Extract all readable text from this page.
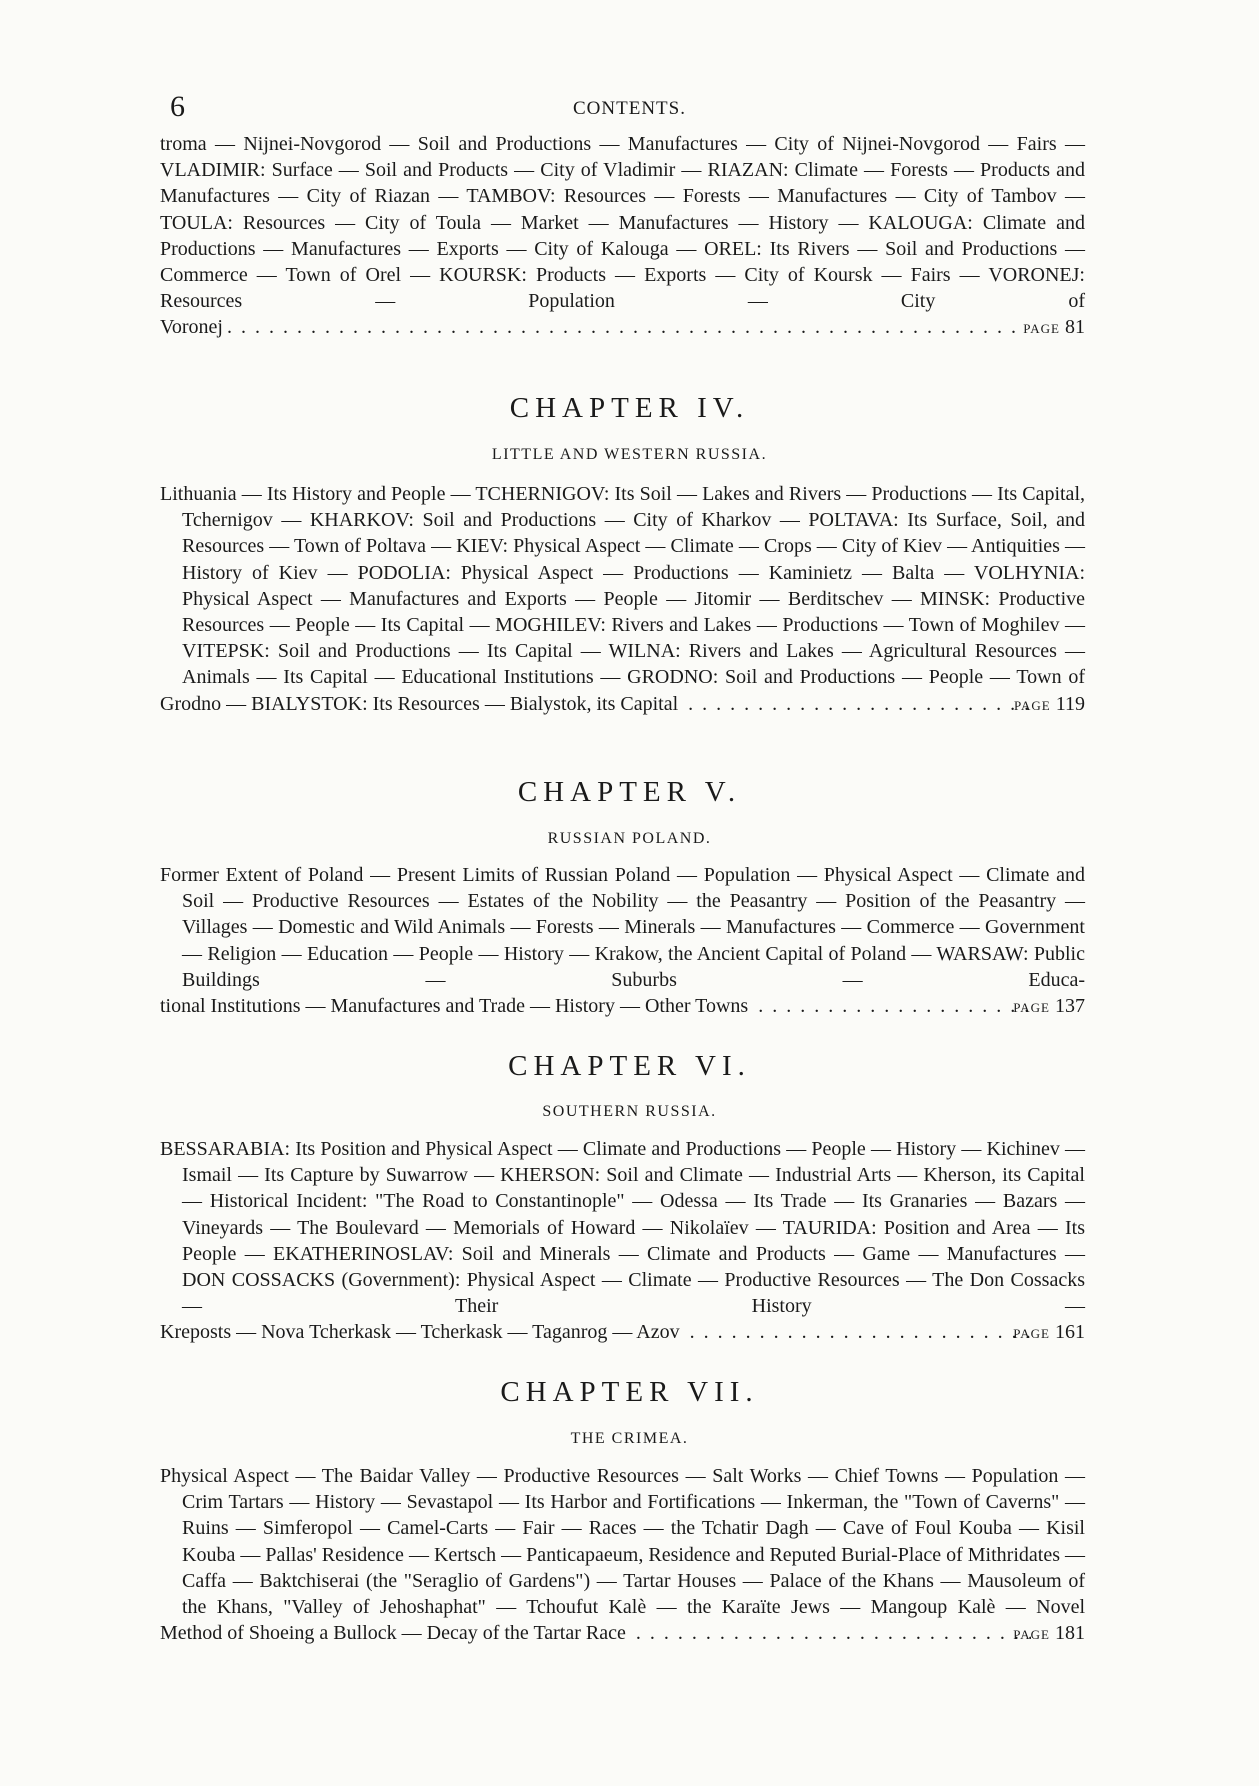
6	CONTENTS.
troma — Nijnei-Novgorod — Soil and Productions — Manufactures — City of Nijnei-Novgorod — Fairs — VLADIMIR: Surface — Soil and Products — City of Vladimir — RIAZAN: Climate — Forests — Products and Manufactures — City of Riazan — TAMBOV: Resources — Forests — Manufactures — City of Tambov — TOULA: Resources — City of Toula — Market — Manufactures — History — KALOUGA: Climate and Productions — Manufactures — Exports — City of Kalouga — OREL: Its Rivers — Soil and Productions — Commerce — Town of Orel — KOURSK: Products — Exports — City of Koursk — Fairs — VORONEJ: Resources — Population — City of
Voronej . . .	PAGE 81
CHAPTER IV.
LITTLE AND WESTERN RUSSIA.
Lithuania — Its History and People — TCHERNIGOV: Its Soil — Lakes and Rivers — Productions — Its Capital, Tchernigov — KHARKOV: Soil and Productions — City of Kharkov — POLTAVA: Its Surface, Soil, and Resources — Town of Poltava — KIEV: Physical Aspect — Climate — Crops — City of Kiev — Antiquities — History of Kiev — PODOLIA: Physical Aspect — Productions — Kaminietz — Balta — VOLHYNIA: Physical Aspect — Manufactures and Exports — People — Jitomir — Berditschev — MINSK: Productive Resources — People — Its Capital — MOGHILEV: Rivers and Lakes — Productions — Town of Moghilev — VITEPSK: Soil and Productions — Its Capital — WILNA: Rivers and Lakes — Agricultural Resources — Animals — Its Capital — Educational Institutions — GRODNO: Soil and Productions — People — Town of
Grodno — BIALYSTOK: Its Resources — Bialystok, its Capital . . .	PAGE 119
CHAPTER V.
RUSSIAN POLAND.
Former Extent of Poland — Present Limits of Russian Poland — Population — Physical Aspect — Climate and Soil — Productive Resources — Estates of the Nobility — the Peasantry — Position of the Peasantry — Villages — Domestic and Wild Animals — Forests — Minerals — Manufactures — Commerce — Government — Religion — Education — People — History — Krakow, the Ancient Capital of Poland — WARSAW: Public Buildings — Suburbs — Educa-
tional Institutions — Manufactures and Trade — History — Other Towns . . .	PAGE 137
CHAPTER VI.
SOUTHERN RUSSIA.
BESSARABIA: Its Position and Physical Aspect — Climate and Productions — People — History — Kichinev — Ismail — Its Capture by Suwarrow — KHERSON: Soil and Climate — Industrial Arts — Kherson, its Capital — Historical Incident: "The Road to Constantinople" — Odessa — Its Trade — Its Granaries — Bazars — Vineyards — The Boulevard — Memorials of Howard — Nikolaïev — TAURIDA: Position and Area — Its People — EKATHERINOSLAV: Soil and Minerals — Climate and Products — Game — Manufactures — DON COSSACKS (Government): Physical Aspect — Climate — Productive Resources — The Don Cossacks — Their History —
Kreposts — Nova Tcherkask — Tcherkask — Taganrog — Azov . . .	PAGE 161
CHAPTER VII.
THE CRIMEA.
Physical Aspect — The Baidar Valley — Productive Resources — Salt Works — Chief Towns — Population — Crim Tartars — History — Sevastapol — Its Harbor and Fortifications — Inkerman, the "Town of Caverns" — Ruins — Simferopol — Camel-Carts — Fair — Races — the Tchatir Dagh — Cave of Foul Kouba — Kisil Kouba — Pallas' Residence — Kertsch — Panticapaeum, Residence and Reputed Burial-Place of Mithridates — Caffa — Baktchiserai (the "Seraglio of Gardens") — Tartar Houses — Palace of the Khans — Mausoleum of the Khans, "Valley of Jehoshaphat" — Tchoufut Kalè — the Karaïte Jews — Mangoup Kalè — Novel
Method of Shoeing a Bullock — Decay of the Tartar Race . . .	PAGE 181
